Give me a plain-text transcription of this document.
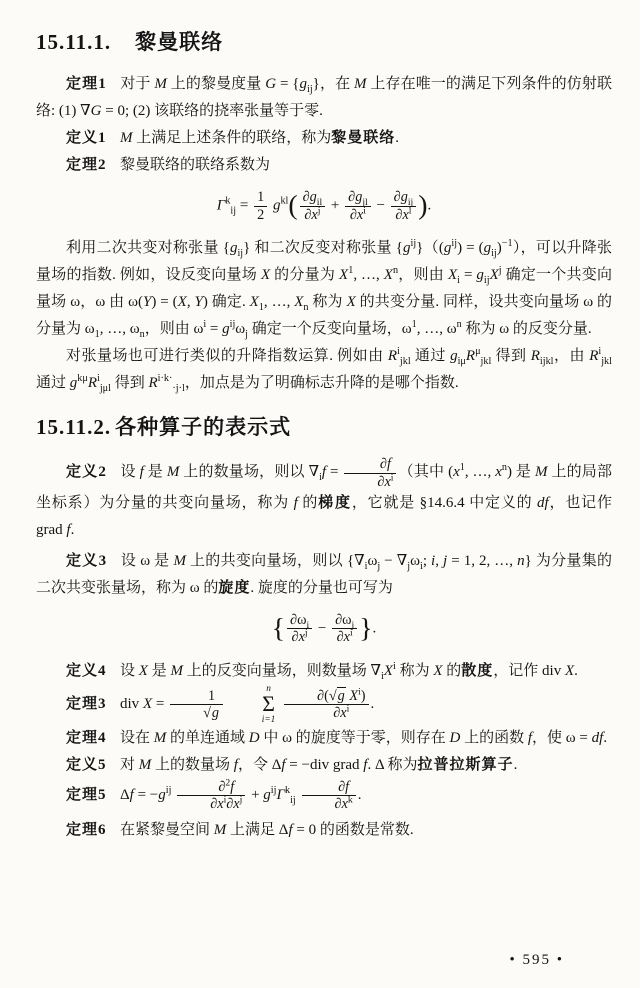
15.11.1. 黎曼联络

定理1 对于 M 上的黎曼度量 $G = \{g_{ij}\}$，在 M 上存在唯一的满足下列条件的仿射联络: (1) ∇G = 0; (2) 该联络的挠率张量等于零.

定义1 M 上满足上述条件的联络，称为黎曼联络.

定理2 黎曼联络的联络系数为

$\Gamma^k_{ij} = \frac{1}{2} g^{kl}( \frac{\partial g_{il}}{\partial x^j} + \frac{\partial g_{jl}}{\partial x^i} - \frac{\partial g_{ij}}{\partial x^l}$ ).

利用二次共变对称张量 $\{g_{ij}\}$ 和二次反变对称张量 $\{g^{ij}\}((g^{ij}) = (g_{ij})^{-1})$，可以升降张量场的指数. 例如，设反变向量场 X 的分量为 $X^1$, …, $X^n$，则由 $X_i = g_{ij}X^j$ 确定一个共变向量场 ω，ω 由 ω(Y) = (X, Y) 确定. $X_1$, …, $X_n$ 称为 X 的共变分量. 同样，设共变向量场 ω 的分量为 $\omega_1$, …, $\omega_n$，则由 $\omega^i = g^{ij}\omega_j$ 确定一个反变向量场，$\omega^1$, …, $\omega^n$ 称为 ω 的反变分量.

对张量场也可进行类似的升降指数运算. 例如由 $R^i_{jkl}$ 通过 $g_{i\mu}R^\mu_{jkl}$ 得到 $R_{ijkl}$，由 $R^i_{jkl}$ 通过 $g^{k\mu}R^i_{j\mu l}$ 得到 $R^{i\cdot k\cdot}_{\cdot j\cdot l}$，加点是为了明确标志升降的是哪个指数.

15.11.2. 各种算子的表示式

定义2 设 f 是 M 上的数量场，则以 $\nabla_if = \frac{\partial f}{\partial x^i}$ （其中 ($x^1$, …, $x^n$) 是 M 上的局部坐标系）为分量的共变向量场，称为 f 的梯度，它就是 §14.6.4 中定义的 df，也记作 grad f.

定义3 设 ω 是 M 上的共变向量场，则以 {$\nabla_i\omega_j - \nabla_j\omega_i$; i, j = 1, 2, …, n} 为分量集的二次共变张量场，称为 ω 的旋度. 旋度的分量也可写为

{ $\frac{\partial\omega_i}{\partial x^j} - \frac{\partial\omega_j}{\partial x^i}$ }.

定义4 设 X 是 M 上的反变向量场，则数量场 $\nabla_iX^i$ 称为 X 的散度，记作 div X.

定理3 div $X = \frac{1}{√g}$
	n
Σ
i=1
$\frac{\partial(√g X^i)}{\partial x^i}$ .

定理4 设在 M 的单连通域 D 中 ω 的旋度等于零，则存在 D 上的函数 f，使 ω = df.

定义5 对 M 上的数量场 f，令 Δf = −div grad f. Δ 称为拉普拉斯算子.

定理5 $\Delta f = -g^{ij} \frac{\partial^2f}{\partial x^i\partial x^j} + g^{ij}\Gamma^k_{ij} \frac{\partial f}{\partial x^k}$ .

定理6 在紧黎曼空间 M 上满足 Δf = 0 的函数是常数.

• 595 •
